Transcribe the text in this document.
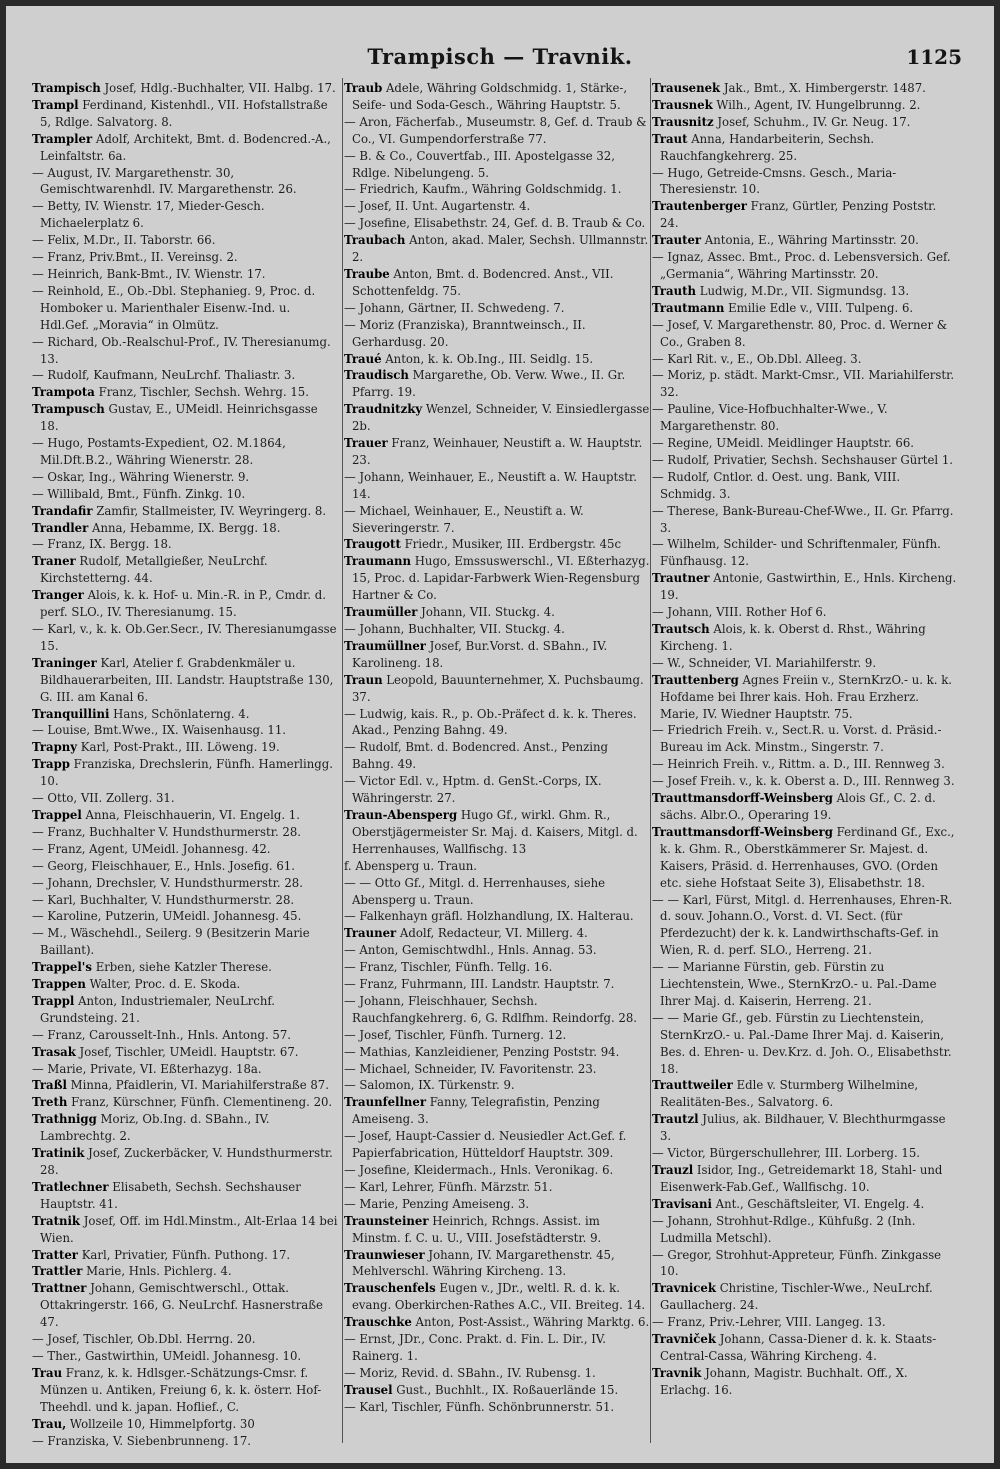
Trampisch — Travnik.	1125

Trampisch Josef, Hdlg.-Buchhalter, VII. Halbg. 17.

Trampl Ferdinand, Kistenhdl., VII. Hofstallstraße 5, Rdlge. Salvatorg. 8.

Trampler Adolf, Architekt, Bmt. d. Bodencred.-A., Leinfaltstr. 6a.

— August, IV. Margarethenstr. 30, Gemischtwarenhdl. IV. Margarethenstr. 26.

— Betty, IV. Wienstr. 17, Mieder-Gesch. Michaelerplatz 6.

— Felix, M.Dr., II. Taborstr. 66.

— Franz, Priv.Bmt., II. Vereinsg. 2.

— Heinrich, Bank-Bmt., IV. Wienstr. 17.

— Reinhold, E., Ob.-Dbl. Stephanieg. 9, Proc. d. Homboker u. Marienthaler Eisenw.-Ind. u. Hdl.Gef. „Moravia“ in Olmütz.

— Richard, Ob.-Realschul-Prof., IV. Theresianumg. 13.

— Rudolf, Kaufmann, NeuLrchf. Thaliastr. 3.

Trampota Franz, Tischler, Sechsh. Wehrg. 15.

Trampusch Gustav, E., UMeidl. Heinrichsgasse 18.

— Hugo, Postamts-Expedient, O2. M.1864, Mil.Dft.B.2., Währing Wienerstr. 28.

— Oskar, Ing., Währing Wienerstr. 9.

— Willibald, Bmt., Fünfh. Zinkg. 10.

Trandafir Zamfir, Stallmeister, IV. Weyringerg. 8.

Trandler Anna, Hebamme, IX. Bergg. 18.

— Franz, IX. Bergg. 18.

Traner Rudolf, Metallgießer, NeuLrchf. Kirchstetterng. 44.

Tranger Alois, k. k. Hof- u. Min.-R. in P., Cmdr. d. perf. SLO., IV. Theresianumg. 15.

— Karl, v., k. k. Ob.Ger.Secr., IV. Theresianumgasse 15.

Traninger Karl, Atelier f. Grabdenkmäler u. Bildhauerarbeiten, III. Landstr. Hauptstraße 130, G. III. am Kanal 6.

Tranquillini Hans, Schönlaterng. 4.

— Louise, Bmt.Wwe., IX. Waisenhausg. 11.

Trapny Karl, Post-Prakt., III. Löweng. 19.

Trapp Franziska, Drechslerin, Fünfh. Hamerlingg. 10.

— Otto, VII. Zollerg. 31.

Trappel Anna, Fleischhauerin, VI. Engelg. 1.

— Franz, Buchhalter V. Hundsthurmerstr. 28.

— Franz, Agent, UMeidl. Johannesg. 42.

— Georg, Fleischhauer, E., Hnls. Josefig. 61.

— Johann, Drechsler, V. Hundsthurmerstr. 28.

— Karl, Buchhalter, V. Hundsthurmerstr. 28.

— Karoline, Putzerin, UMeidl. Johannesg. 45.

— M., Wäschehdl., Seilerg. 9 (Besitzerin Marie Baillant).

Trappel's Erben, siehe Katzler Therese.

Trappen Walter, Proc. d. E. Skoda.

Trappl Anton, Industriemaler, NeuLrchf. Grundsteing. 21.

— Franz, Carousselt-Inh., Hnls. Antong. 57.

Trasak Josef, Tischler, UMeidl. Hauptstr. 67.

— Marie, Private, VI. Eßterhazyg. 18a.

Traßl Minna, Pfaidlerin, VI. Mariahilferstraße 87.

Treth Franz, Kürschner, Fünfh. Clementineng. 20.

Trathnigg Moriz, Ob.Ing. d. SBahn., IV. Lambrechtg. 2.

Tratinik Josef, Zuckerbäcker, V. Hundsthurmerstr. 28.

Tratlechner Elisabeth, Sechsh. Sechshauser Hauptstr. 41.

Tratnik Josef, Off. im Hdl.Minstm., Alt-Erlaa 14 bei Wien.

Tratter Karl, Privatier, Fünfh. Puthong. 17.

Trattler Marie, Hnls. Pichlerg. 4.

Trattner Johann, Gemischtwerschl., Ottak. Ottakringerstr. 166, G. NeuLrchf. Hasnerstraße 47.

— Josef, Tischler, Ob.Dbl. Herrng. 20.

— Ther., Gastwirthin, UMeidl. Johannesg. 10.

Trau Franz, k. k. Hdlsger.-Schätzungs-Cmsr. f. Münzen u. Antiken, Freiung 6, k. k. österr. Hof-Theehdl. und k. japan. Hoflief., C.

Trau, Wollzeile 10, Himmelpfortg. 30

— Franziska, V. Siebenbrunneng. 17.

Traub Adele, Währing Goldschmidg. 1, Stärke-, Seife- und Soda-Gesch., Währing Hauptstr. 5.

— Aron, Fächerfab., Museumstr. 8, Gef. d. Traub & Co., VI. Gumpendorferstraße 77.

— B. & Co., Couvertfab., III. Apostelgasse 32, Rdlge. Nibelungeng. 5.

— Friedrich, Kaufm., Währing Goldschmidg. 1.

— Josef, II. Unt. Augartenstr. 4.

— Josefine, Elisabethstr. 24, Gef. d. B. Traub & Co.

Traubach Anton, akad. Maler, Sechsh. Ullmannstr. 2.

Traube Anton, Bmt. d. Bodencred. Anst., VII. Schottenfeldg. 75.

— Johann, Gärtner, II. Schwedeng. 7.

— Moriz (Franziska), Branntweinsch., II. Gerhardusg. 20.

Traué Anton, k. k. Ob.Ing., III. Seidlg. 15.

Traudisch Margarethe, Ob. Verw. Wwe., II. Gr. Pfarrg. 19.

Traudnitzky Wenzel, Schneider, V. Einsiedlergasse 2b.

Trauer Franz, Weinhauer, Neustift a. W. Hauptstr. 23.

— Johann, Weinhauer, E., Neustift a. W. Hauptstr. 14.

— Michael, Weinhauer, E., Neustift a. W. Sieveringerstr. 7.

Traugott Friedr., Musiker, III. Erdbergstr. 45c

Traumann Hugo, Emssuswerschl., VI. Eßterhazyg. 15, Proc. d. Lapidar-Farbwerk Wien-Regensburg Hartner & Co.

Traumüller Johann, VII. Stuckg. 4.

— Johann, Buchhalter, VII. Stuckg. 4.

Traumüllner Josef, Bur.Vorst. d. SBahn., IV. Karolineng. 18.

Traun Leopold, Bauunternehmer, X. Puchsbaumg. 37.

— Ludwig, kais. R., p. Ob.-Präfect d. k. k. Theres. Akad., Penzing Bahng. 49.

— Rudolf, Bmt. d. Bodencred. Anst., Penzing Bahng. 49.

— Victor Edl. v., Hptm. d. GenSt.-Corps, IX. Währingerstr. 27.

Traun-Abensperg Hugo Gf., wirkl. Ghm. R., Oberstjägermeister Sr. Maj. d. Kaisers, Mitgl. d. Herrenhauses, Wallfischg. 13

f. Abensperg u. Traun.

— — Otto Gf., Mitgl. d. Herrenhauses, siehe Abensperg u. Traun.

— Falkenhayn gräfl. Holzhandlung, IX. Halterau.

Trauner Adolf, Redacteur, VI. Millerg. 4.

— Anton, Gemischtwdhl., Hnls. Annag. 53.

— Franz, Tischler, Fünfh. Tellg. 16.

— Franz, Fuhrmann, III. Landstr. Hauptstr. 7.

— Johann, Fleischhauer, Sechsh. Rauchfangkehrerg. 6, G. Rdlfhm. Reindorfg. 28.

— Josef, Tischler, Fünfh. Turnerg. 12.

— Mathias, Kanzleidiener, Penzing Poststr. 94.

— Michael, Schneider, IV. Favoritenstr. 23.

— Salomon, IX. Türkenstr. 9.

Traunfellner Fanny, Telegrafistin, Penzing Ameiseng. 3.

— Josef, Haupt-Cassier d. Neusiedler Act.Gef. f. Papierfabrication, Hütteldorf Hauptstr. 309.

— Josefine, Kleidermach., Hnls. Veronikag. 6.

— Karl, Lehrer, Fünfh. Märzstr. 51.

— Marie, Penzing Ameiseng. 3.

Traunsteiner Heinrich, Rchngs. Assist. im Minstm. f. C. u. U., VIII. Josefstädterstr. 9.

Traunwieser Johann, IV. Margarethenstr. 45, Mehlverschl. Währing Kircheng. 13.

Trauschenfels Eugen v., JDr., weltl. R. d. k. k. evang. Oberkirchen-Rathes A.C., VII. Breiteg. 14.

Trauschke Anton, Post-Assist., Währing Marktg. 6.

— Ernst, JDr., Conc. Prakt. d. Fin. L. Dir., IV. Rainerg. 1.

— Moriz, Revid. d. SBahn., IV. Rubensg. 1.

Trausel Gust., Buchhlt., IX. Roßauerlände 15.

— Karl, Tischler, Fünfh. Schönbrunnerstr. 51.

Trausenek Jak., Bmt., X. Himbergerstr. 1487.

Trausnek Wilh., Agent, IV. Hungelbrunng. 2.

Trausnitz Josef, Schuhm., IV. Gr. Neug. 17.

Traut Anna, Handarbeiterin, Sechsh. Rauchfangkehrerg. 25.

— Hugo, Getreide-Cmsns. Gesch., Maria-Theresienstr. 10.

Trautenberger Franz, Gürtler, Penzing Poststr. 24.

Trauter Antonia, E., Währing Martinsstr. 20.

— Ignaz, Assec. Bmt., Proc. d. Lebensversich. Gef. „Germania“, Währing Martinsstr. 20.

Trauth Ludwig, M.Dr., VII. Sigmundsg. 13.

Trautmann Emilie Edle v., VIII. Tulpeng. 6.

— Josef, V. Margarethenstr. 80, Proc. d. Werner & Co., Graben 8.

— Karl Rit. v., E., Ob.Dbl. Alleeg. 3.

— Moriz, p. städt. Markt-Cmsr., VII. Mariahilferstr. 32.

— Pauline, Vice-Hofbuchhalter-Wwe., V. Margarethenstr. 80.

— Regine, UMeidl. Meidlinger Hauptstr. 66.

— Rudolf, Privatier, Sechsh. Sechshauser Gürtel 1.

— Rudolf, Cntlor. d. Oest. ung. Bank, VIII. Schmidg. 3.

— Therese, Bank-Bureau-Chef-Wwe., II. Gr. Pfarrg. 3.

— Wilhelm, Schilder- und Schriftenmaler, Fünfh. Fünfhausg. 12.

Trautner Antonie, Gastwirthin, E., Hnls. Kircheng. 19.

— Johann, VIII. Rother Hof 6.

Trautsch Alois, k. k. Oberst d. Rhst., Währing Kircheng. 1.

— W., Schneider, VI. Mariahilferstr. 9.

Trauttenberg Agnes Freiin v., SternKrzO.- u. k. k. Hofdame bei Ihrer kais. Hoh. Frau Erzherz. Marie, IV. Wiedner Hauptstr. 75.

— Friedrich Freih. v., Sect.R. u. Vorst. d. Präsid.-Bureau im Ack. Minstm., Singerstr. 7.

— Heinrich Freih. v., Rittm. a. D., III. Rennweg 3.

— Josef Freih. v., k. k. Oberst a. D., III. Rennweg 3.

Trauttmansdorff-Weinsberg Alois Gf., C. 2. d. sächs. Albr.O., Operaring 19.

Trauttmansdorff-Weinsberg Ferdinand Gf., Exc., k. k. Ghm. R., Oberstkämmerer Sr. Majest. d. Kaisers, Präsid. d. Herrenhauses, GVO. (Orden etc. siehe Hofstaat Seite 3), Elisabethstr. 18.

— — Karl, Fürst, Mitgl. d. Herrenhauses, Ehren-R. d. souv. Johann.O., Vorst. d. VI. Sect. (für Pferdezucht) der k. k. Landwirthschafts-Gef. in Wien, R. d. perf. SLO., Herreng. 21.

— — Marianne Fürstin, geb. Fürstin zu Liechtenstein, Wwe., SternKrzO.- u. Pal.-Dame Ihrer Maj. d. Kaiserin, Herreng. 21.

— — Marie Gf., geb. Fürstin zu Liechtenstein, SternKrzO.- u. Pal.-Dame Ihrer Maj. d. Kaiserin, Bes. d. Ehren- u. Dev.Krz. d. Joh. O., Elisabethstr. 18.

Trauttweiler Edle v. Sturmberg Wilhelmine, Realitäten-Bes., Salvatorg. 6.

Trautzl Julius, ak. Bildhauer, V. Blechthurmgasse 3.

— Victor, Bürgerschullehrer, III. Lorberg. 15.

Trauzl Isidor, Ing., Getreidemarkt 18, Stahl- und Eisenwerk-Fab.Gef., Wallfischg. 10.

Travisani Ant., Geschäftsleiter, VI. Engelg. 4.

— Johann, Strohhut-Rdlge., Kühfußg. 2 (Inh. Ludmilla Metschl).

— Gregor, Strohhut-Appreteur, Fünfh. Zinkgasse 10.

Travnicek Christine, Tischler-Wwe., NeuLrchf. Gaullacherg. 24.

— Franz, Priv.-Lehrer, VIII. Langeg. 13.

Travniček Johann, Cassa-Diener d. k. k. Staats-Central-Cassa, Währing Kircheng. 4.

Travnik Johann, Magistr. Buchhalt. Off., X. Erlachg. 16.
